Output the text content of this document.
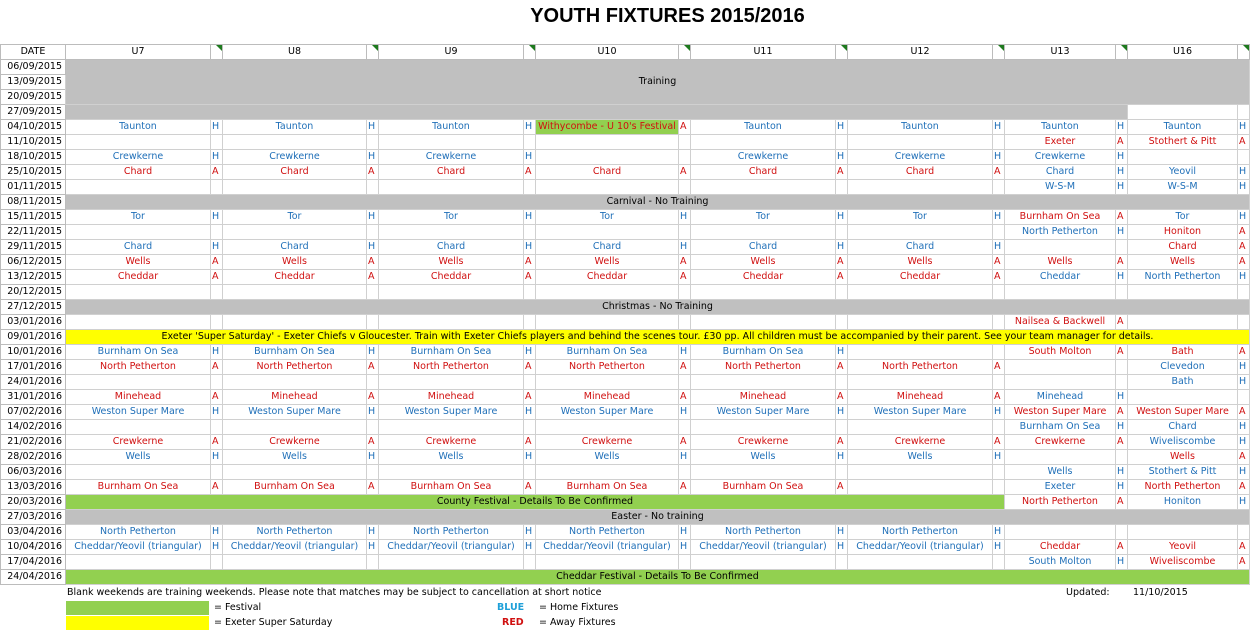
YOUTH FIXTURES 2015/2016
DATE	U7		U8		U9		U10		U11		U12		U13		U16		

06/09/2015	Training																
13/09/2015																	
20/09/2015																	
27/09/2015					
04/10/2015	Taunton	H	Taunton	H	Taunton	H	Withycombe - U 10's Festival	A	Taunton	H	Taunton	H	Taunton	H	Taunton	H	
11/10/2015													Exeter	A	Stothert & Pitt	A	
18/10/2015	Crewkerne	H	Crewkerne	H	Crewkerne	H			Crewkerne	H	Crewkerne	H	Crewkerne	H			
25/10/2015	Chard	A	Chard	A	Chard	A	Chard	A	Chard	A	Chard	A	Chard	H	Yeovil	H	
01/11/2015													W-S-M	H	W-S-M	H	
08/11/2015	Carnival - No Training																
15/11/2015	Tor	H	Tor	H	Tor	H	Tor	H	Tor	H	Tor	H	Burnham On Sea	A	Tor	H	
22/11/2015													North Petherton	H	Honiton	A	
29/11/2015	Chard	H	Chard	H	Chard	H	Chard	H	Chard	H	Chard	H			Chard	A	
06/12/2015	Wells	A	Wells	A	Wells	A	Wells	A	Wells	A	Wells	A	Wells	A	Wells	A	
13/12/2015	Cheddar	A	Cheddar	A	Cheddar	A	Cheddar	A	Cheddar	A	Cheddar	A	Cheddar	H	North Petherton	H	
20/12/2015																	
27/12/2015	Christmas - No Training																
03/01/2016													Nailsea & Backwell	A			
09/01/2016	Exeter 'Super Saturday' - Exeter Chiefs v Gloucester. Train with Exeter Chiefs players and behind the scenes tour. £30 pp. All children must be accompanied by their parent. See your team manager for details.																
10/01/2016	Burnham On Sea	H	Burnham On Sea	H	Burnham On Sea	H	Burnham On Sea	H	Burnham On Sea	H			South Molton	A	Bath	A	
17/01/2016	North Petherton	A	North Petherton	A	North Petherton	A	North Petherton	A	North Petherton	A	North Petherton	A			Clevedon	H	
24/01/2016															Bath	H	
31/01/2016	Minehead	A	Minehead	A	Minehead	A	Minehead	A	Minehead	A	Minehead	A	Minehead	H			
07/02/2016	Weston Super Mare	H	Weston Super Mare	H	Weston Super Mare	H	Weston Super Mare	H	Weston Super Mare	H	Weston Super Mare	H	Weston Super Mare	A	Weston Super Mare	A	
14/02/2016													Burnham On Sea	H	Chard	H	
21/02/2016	Crewkerne	A	Crewkerne	A	Crewkerne	A	Crewkerne	A	Crewkerne	A	Crewkerne	A	Crewkerne	A	Wiveliscombe	H	
28/02/2016	Wells	H	Wells	H	Wells	H	Wells	H	Wells	H	Wells	H			Wells	A	
06/03/2016													Wells	H	Stothert & Pitt	H	
13/03/2016	Burnham On Sea	A	Burnham On Sea	A	Burnham On Sea	A	Burnham On Sea	A	Burnham On Sea	A			Exeter	H	North Petherton	A	
20/03/2016	County Festival - Details To Be Confirmed												North Petherton	A	Honiton	H	
27/03/2016	Easter - No training																
03/04/2016	North Petherton	H	North Petherton	H	North Petherton	H	North Petherton	H	North Petherton	H	North Petherton	H					
10/04/2016	Cheddar/Yeovil (triangular)	H	Cheddar/Yeovil (triangular)	H	Cheddar/Yeovil (triangular)	H	Cheddar/Yeovil (triangular)	H	Cheddar/Yeovil (triangular)	H	Cheddar/Yeovil (triangular)	H	Cheddar	A	Yeovil	A	
17/04/2016													South Molton	H	Wiveliscombe	A	
24/04/2016	Cheddar Festival - Details To Be Confirmed																
Blank weekends are training weekends. Please note that matches may be subject to cancellation at short notice	Updated: 11/10/2015
= Festival
= Exeter Super Saturday
BLUE = Home Fixtures
RED = Away Fixtures
